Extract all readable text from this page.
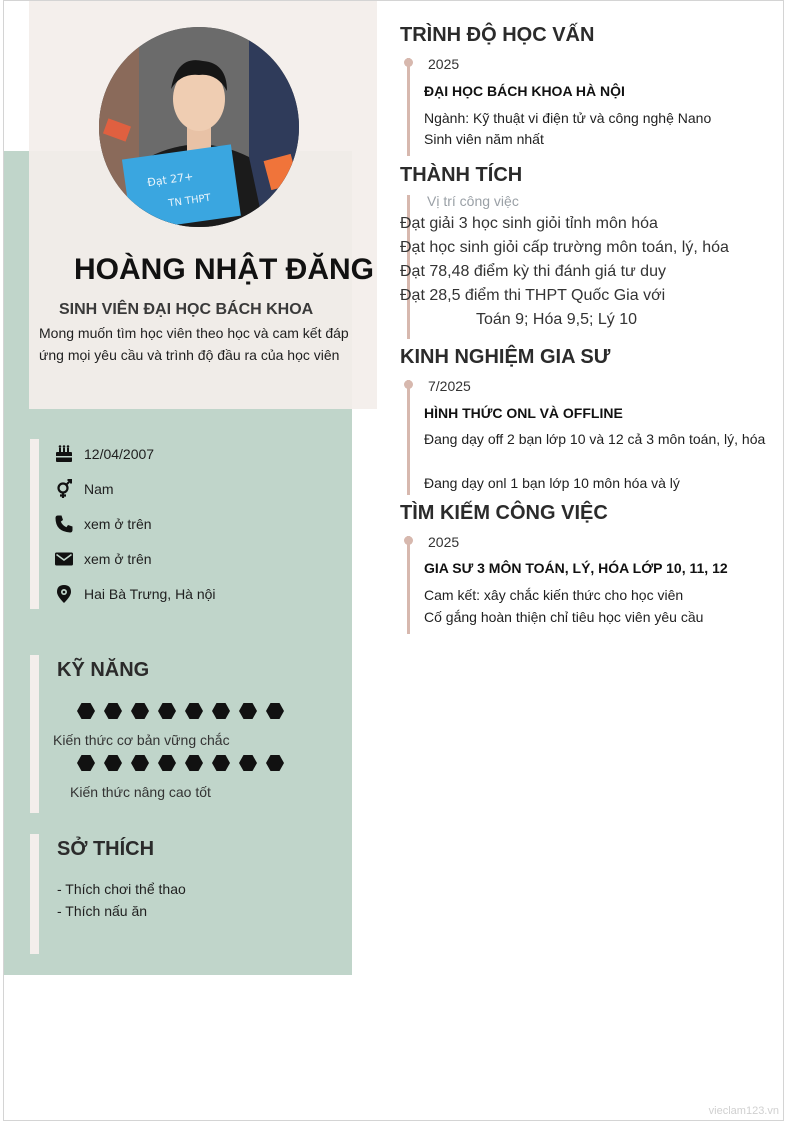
Đạt 27+
TN THPT
HOÀNG NHẬT ĐĂNG
SINH VIÊN ĐẠI HỌC BÁCH KHOA
Mong muốn tìm học viên theo học và cam kết đáp ứng mọi yêu cầu và trình độ đầu ra của học viên
12/04/2007
Nam
xem ở trên
xem ở trên
Hai Bà Trưng, Hà nội
KỸ NĂNG
Kiến thức cơ bản vững chắc
Kiến thức nâng cao tốt
SỞ THÍCH
- Thích chơi thể thao
- Thích nấu ăn
TRÌNH ĐỘ HỌC VẤN
2025
ĐẠI HỌC BÁCH KHOA HÀ NỘI
Ngành: Kỹ thuật vi điện tử và công nghệ Nano
Sinh viên năm nhất
THÀNH TÍCH
Vị trí công việc
Đạt giải 3 học sinh giỏi tỉnh môn hóa
Đạt học sinh giỏi cấp trường môn toán, lý, hóa
Đạt 78,48 điểm kỳ thi đánh giá tư duy
Đạt 28,5 điểm thi THPT Quốc Gia với
Toán 9; Hóa 9,5; Lý 10
KINH NGHIỆM GIA SƯ
7/2025
HÌNH THỨC ONL VÀ OFFLINE
Đang dạy off 2 bạn lớp 10 và 12 cả 3 môn toán, lý, hóa
Đang dạy onl 1 bạn lớp 10 môn hóa và lý
TÌM KIẾM CÔNG VIỆC
2025
GIA SƯ 3 MÔN TOÁN, LÝ, HÓA LỚP 10, 11, 12
Cam kết: xây chắc kiến thức cho học viên
Cố gắng hoàn thiện chỉ tiêu học viên yêu cầu
vieclam123.vn
